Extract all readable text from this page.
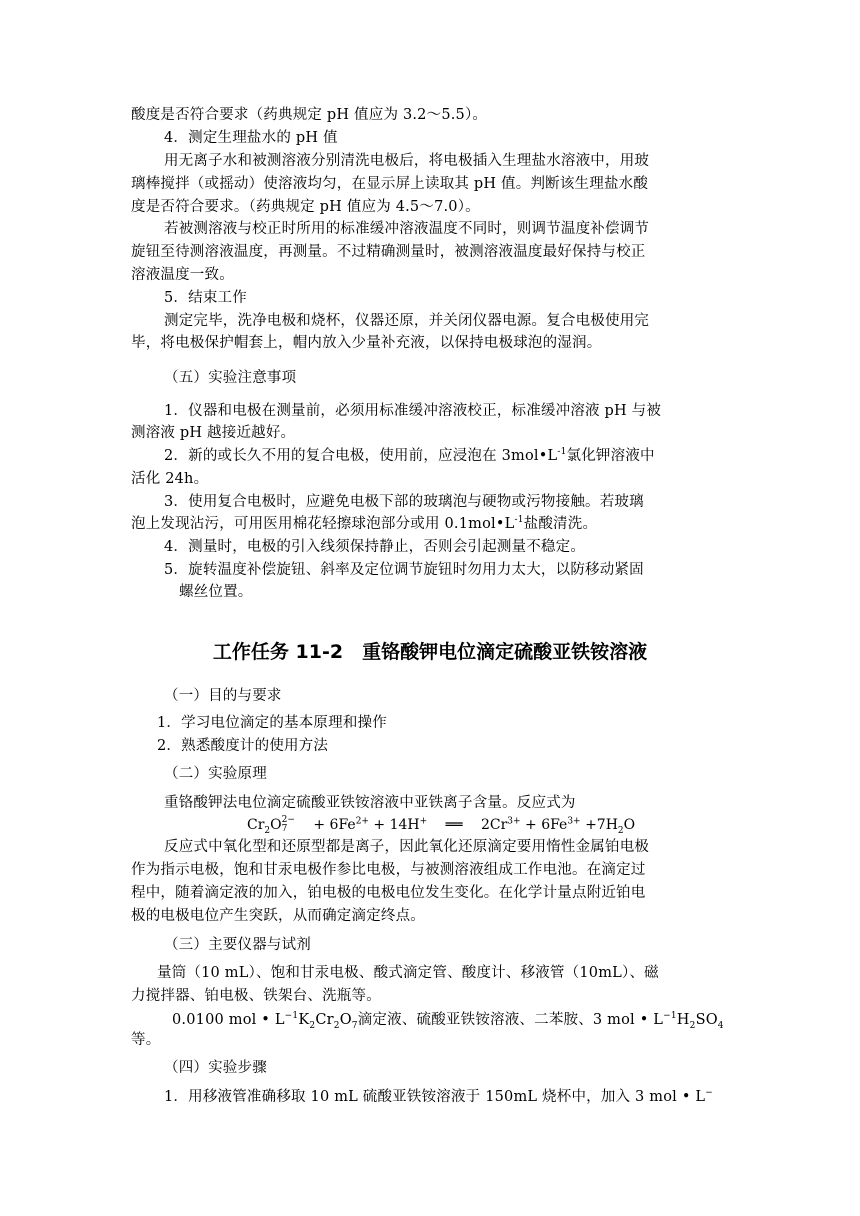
酸度是否符合要求（药典规定 pH 值应为 3.2～5.5）。

4．测定生理盐水的 pH 值

用无离子水和被测溶液分别清洗电极后，将电极插入生理盐水溶液中，用玻

璃棒搅拌（或摇动）使溶液均匀，在显示屏上读取其 pH 值。判断该生理盐水酸

度是否符合要求。（药典规定 pH 值应为 4.5～7.0）。

若被测溶液与校正时所用的标准缓冲溶液温度不同时，则调节温度补偿调节

旋钮至待测溶液温度，再测量。不过精确测量时，被测溶液温度最好保持与校正

溶液温度一致。

5．结束工作

测定完毕，洗净电极和烧杯，仪器还原，并关闭仪器电源。复合电极使用完

毕，将电极保护帽套上，帽内放入少量补充液，以保持电极球泡的湿润。

（五）实验注意事项

1．仪器和电极在测量前，必须用标准缓冲溶液校正，标准缓冲溶液 pH 与被

测溶液 pH 越接近越好。

2．新的或长久不用的复合电极，使用前，应浸泡在 $3mol•L^{-1}$氯化钾溶液中

活化 24h。

3．使用复合电极时，应避免电极下部的玻璃泡与硬物或污物接触。若玻璃

泡上发现沾污，可用医用棉花轻擦球泡部分或用 $0.1mol•L^{-1}$盐酸清洗。

4．测量时，电极的引入线须保持静止，否则会引起测量不稳定。

5．旋转温度补偿旋钮、斜率及定位调节旋钮时勿用力太大，以防移动紧固

螺丝位置。

工作任务 11-2　重铬酸钾电位滴定硫酸亚铁铵溶液

（一）目的与要求

1．学习电位滴定的基本原理和操作

2．熟悉酸度计的使用方法

（二）实验原理

重铬酸钾法电位滴定硫酸亚铁铵溶液中亚铁离子含量。反应式为

$Cr_2O$ 2−
7	+ $6Fe^{2+} + 14H^+$ ══ $2Cr^{3+} + 6Fe^{3+} +7H_2O$

反应式中氧化型和还原型都是离子，因此氧化还原滴定要用惰性金属铂电极

作为指示电极，饱和甘汞电极作参比电极，与被测溶液组成工作电池。在滴定过

程中，随着滴定液的加入，铂电极的电极电位发生变化。在化学计量点附近铂电

极的电极电位产生突跃，从而确定滴定终点。

（三）主要仪器与试剂

量筒（10 mL）、饱和甘汞电极、酸式滴定管、酸度计、移液管（10mL）、磁

力搅拌器、铂电极、铁架台、洗瓶等。

0.0100 mol • $L^{-1}K_2Cr_2O_7$滴定液、硫酸亚铁铵溶液、二苯胺、3 mol • $L^{-1}H_2SO_4$

等。

（四）实验步骤

1．用移液管准确移取 10 mL 硫酸亚铁铵溶液于 150mL 烧杯中，加入 3 mol • L−
